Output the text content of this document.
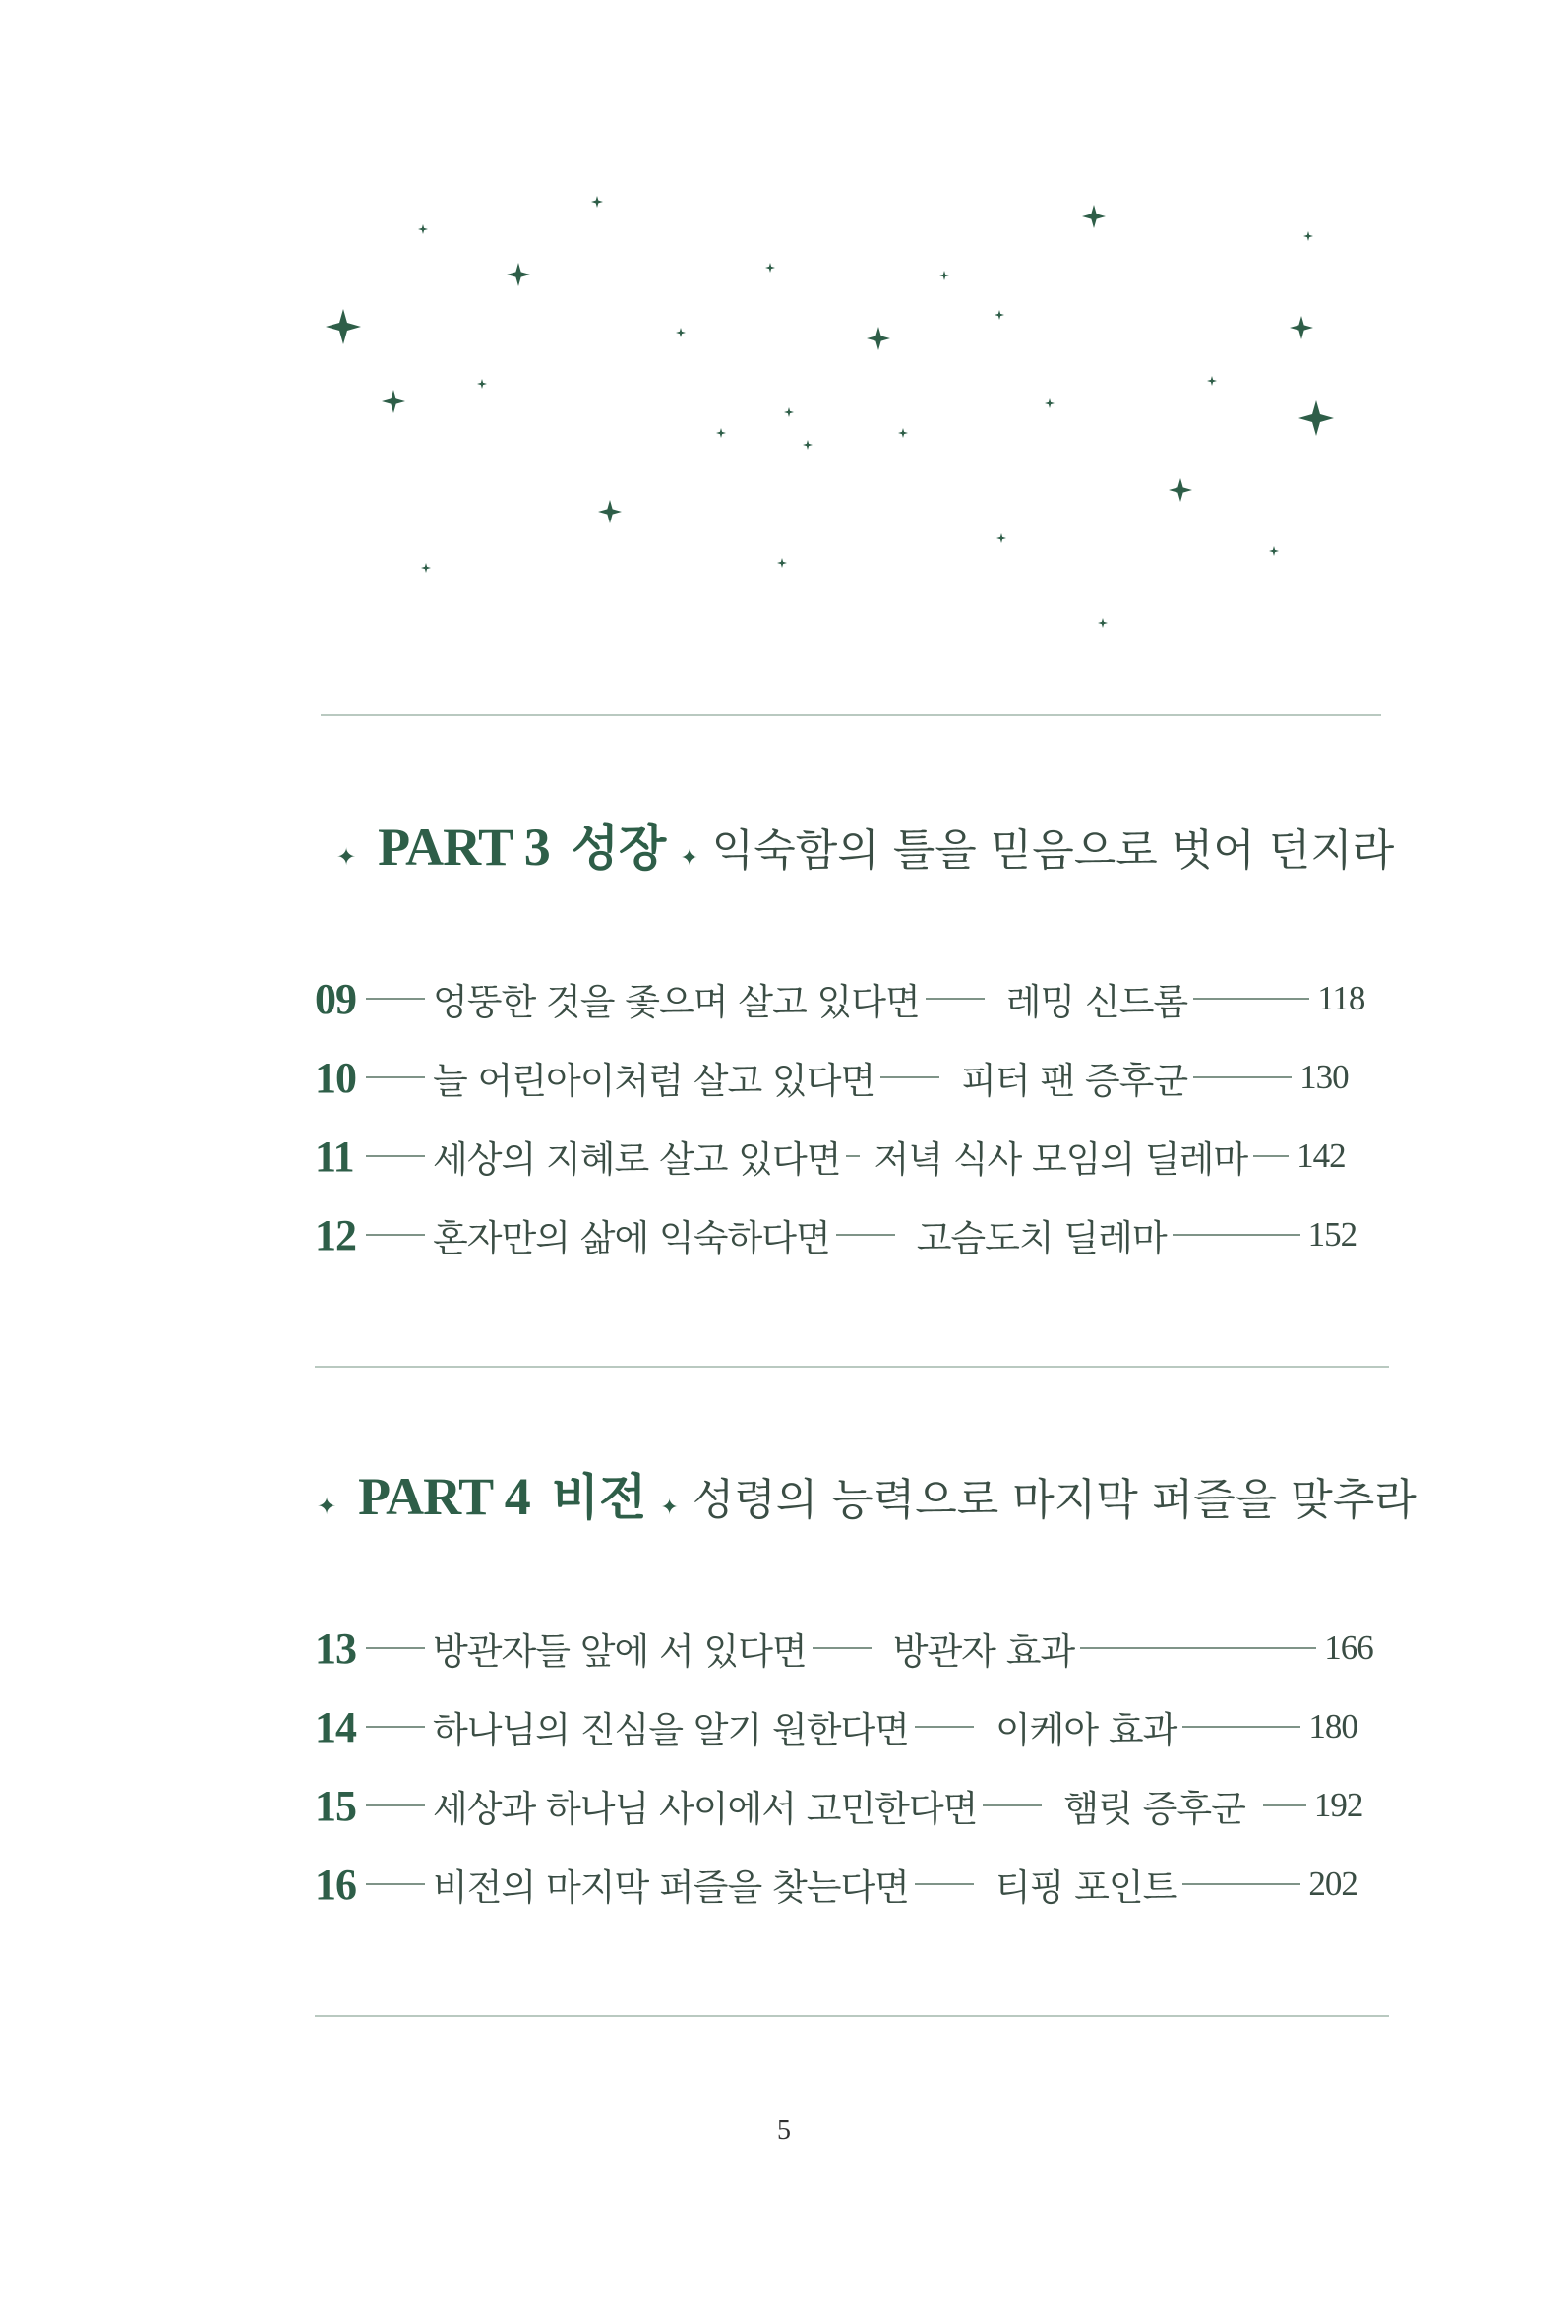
✦ PART 3 성장 ✦ 익숙함의 틀을 믿음으로 벗어 던지라
09 엉뚱한 것을 좇으며 살고 있다면 레밍 신드롬	118
10 늘 어린아이처럼 살고 있다면 피터 팬 증후군	130
11 세상의 지혜로 살고 있다면 저녁 식사 모임의 딜레마 142
12 혼자만의 삶에 익숙하다면 고슴도치 딜레마	152
✦ PART 4 비전 ✦ 성령의 능력으로 마지막 퍼즐을 맞추라
13 방관자들 앞에 서 있다면 방관자 효과	166
14 하나님의 진심을 알기 원한다면 이케아 효과	180
15 세상과 하나님 사이에서 고민한다면 햄릿 증후군 192
16 비전의 마지막 퍼즐을 찾는다면 티핑 포인트	202
5
